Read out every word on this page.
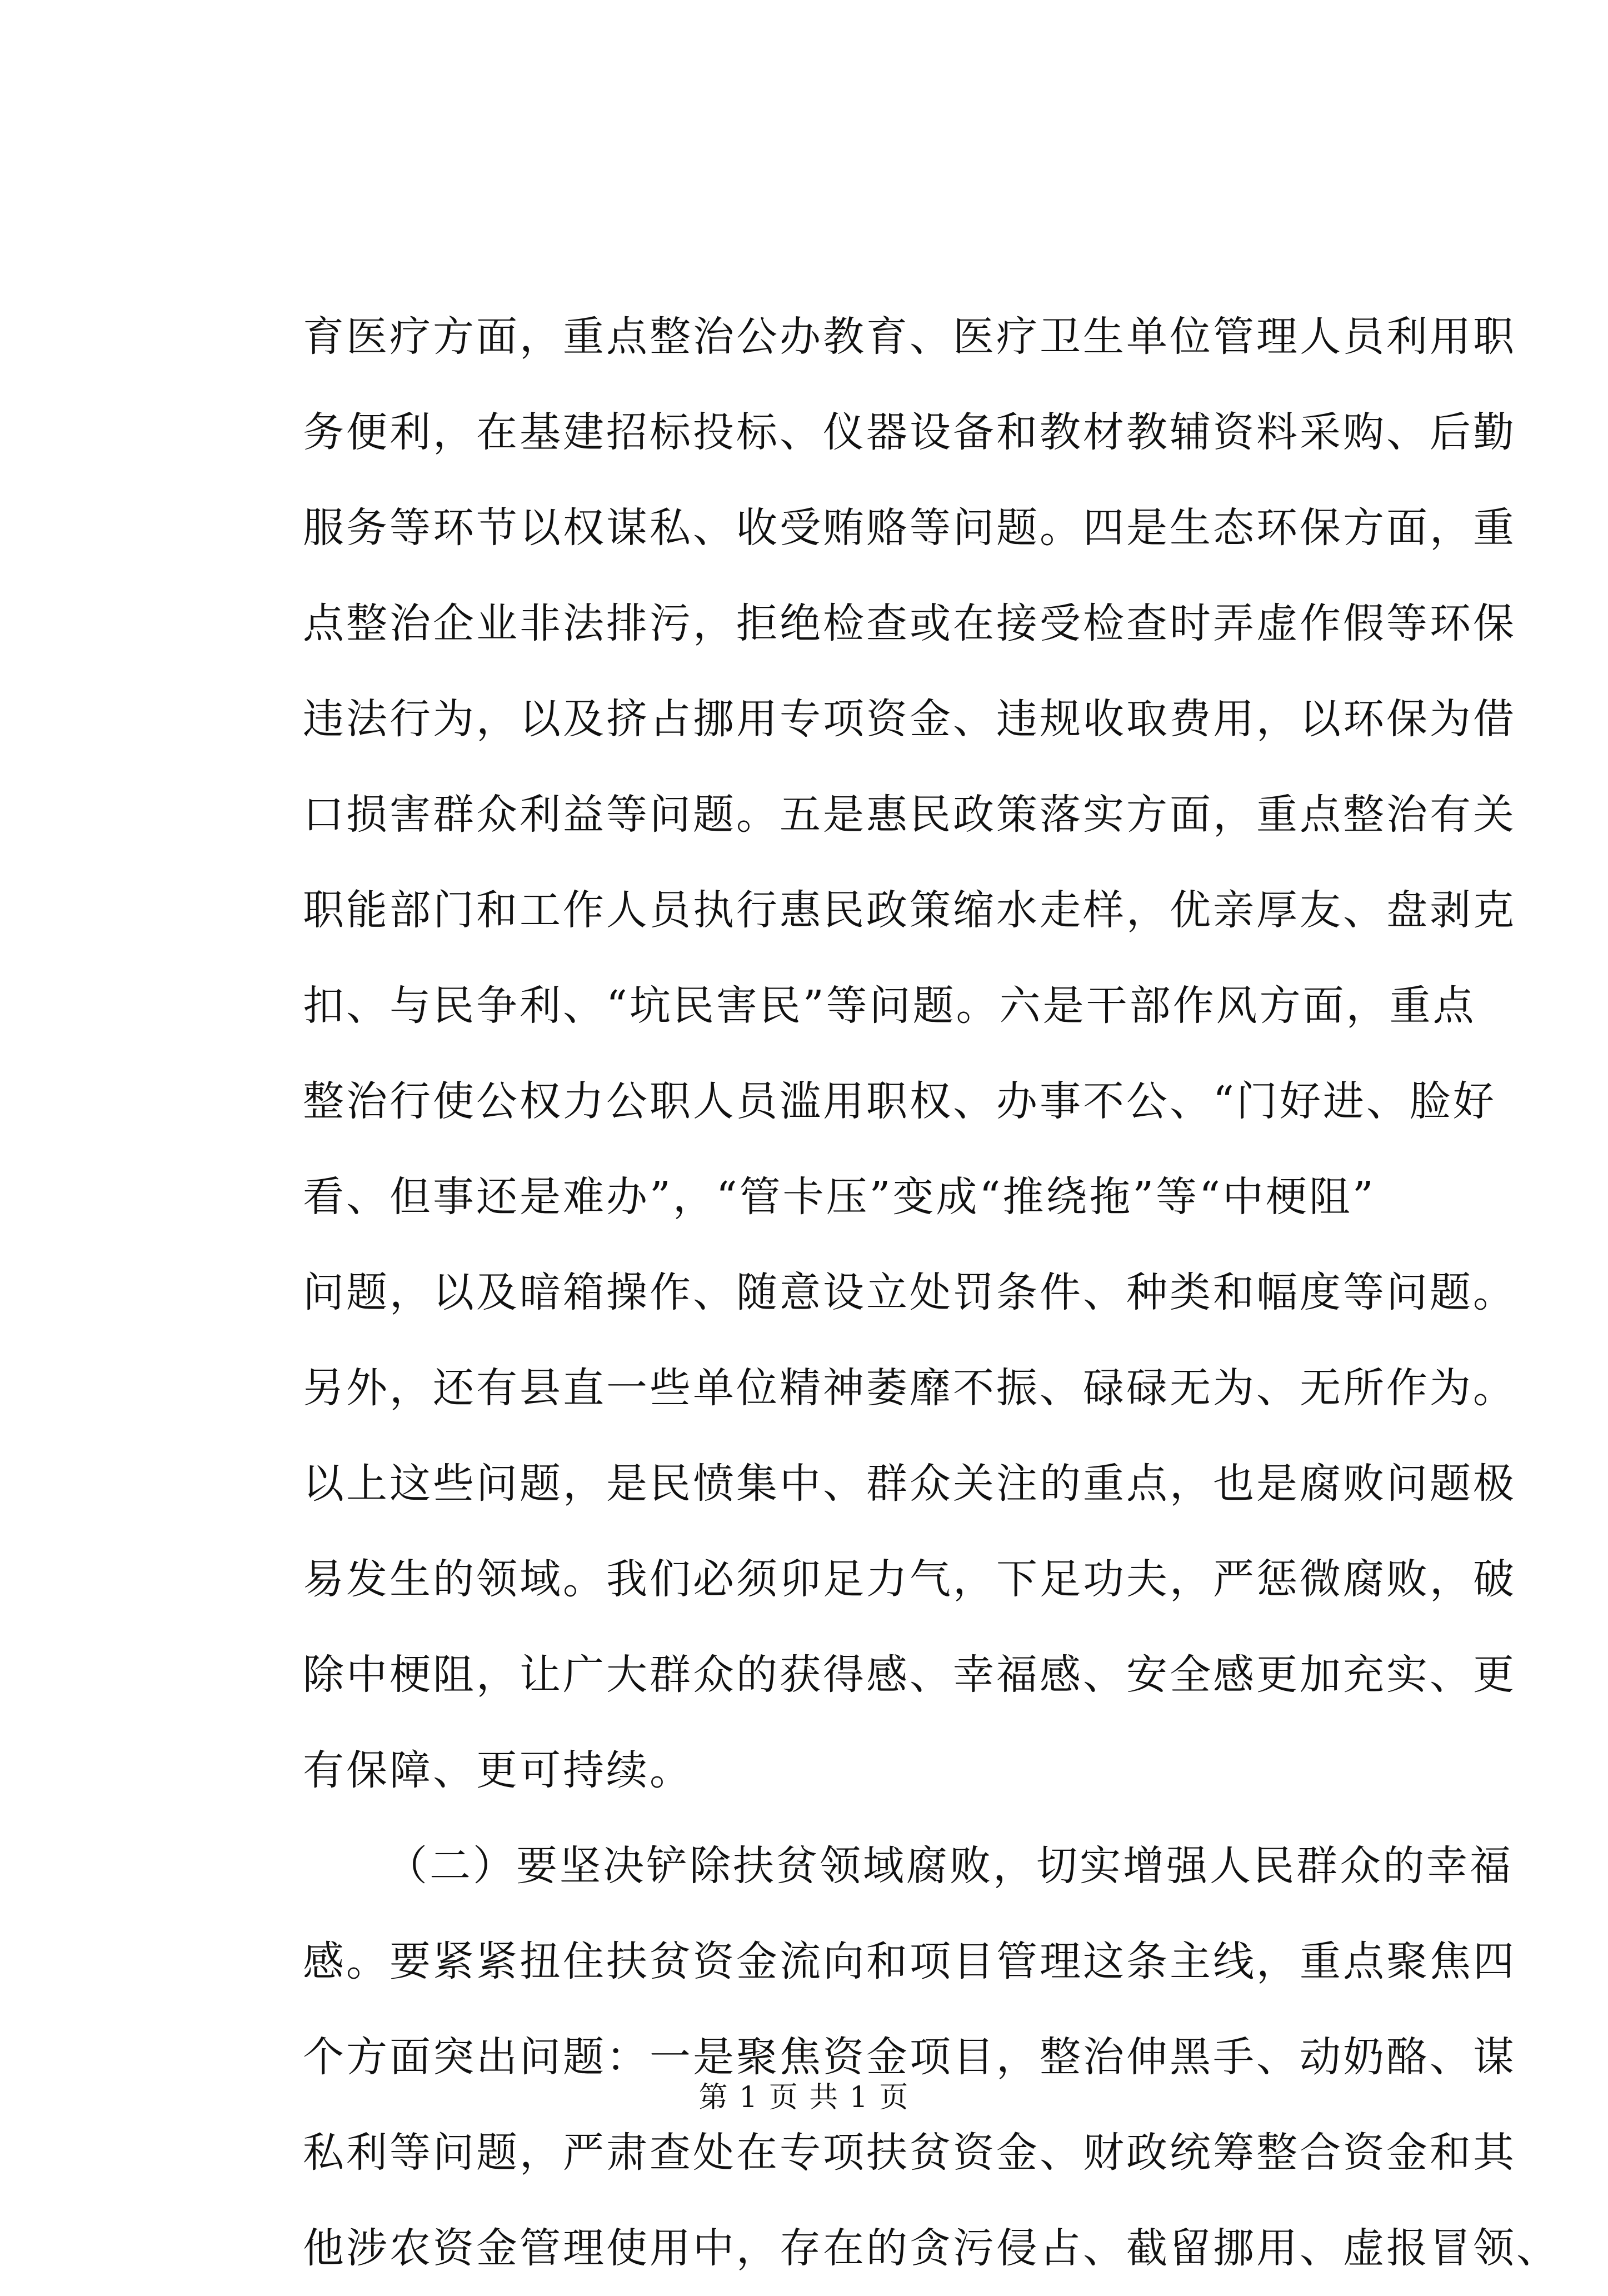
育医疗方面，重点整治公办教育、医疗卫生单位管理人员利用职
务便利，在基建招标投标、仪器设备和教材教辅资料采购、后勤
服务等环节以权谋私、收受贿赂等问题。四是生态环保方面，重
点整治企业非法排污，拒绝检查或在接受检查时弄虚作假等环保
违法行为，以及挤占挪用专项资金、违规收取费用，以环保为借
口损害群众利益等问题。五是惠民政策落实方面，重点整治有关
职能部门和工作人员执行惠民政策缩水走样，优亲厚友、盘剥克
扣、与民争利、“坑民害民”等问题。六是干部作风方面，重点
整治行使公权力公职人员滥用职权、办事不公、“门好进、脸好
看、但事还是难办”，“管卡压”变成“推绕拖”等“中梗阻”
问题，以及暗箱操作、随意设立处罚条件、种类和幅度等问题。
另外，还有县直一些单位精神萎靡不振、碌碌无为、无所作为。
以上这些问题，是民愤集中、群众关注的重点，也是腐败问题极
易发生的领域。我们必须卯足力气，下足功夫，严惩微腐败，破
除中梗阻，让广大群众的获得感、幸福感、安全感更加充实、更
有保障、更可持续。
（二）要坚决铲除扶贫领域腐败，切实增强人民群众的幸福
感。要紧紧扭住扶贫资金流向和项目管理这条主线，重点聚焦四
个方面突出问题：一是聚焦资金项目，整治伸黑手、动奶酪、谋
私利等问题，严肃查处在专项扶贫资金、财政统筹整合资金和其
他涉农资金管理使用中，存在的贪污侵占、截留挪用、虚报冒领、
第 1 页 共 1 页
